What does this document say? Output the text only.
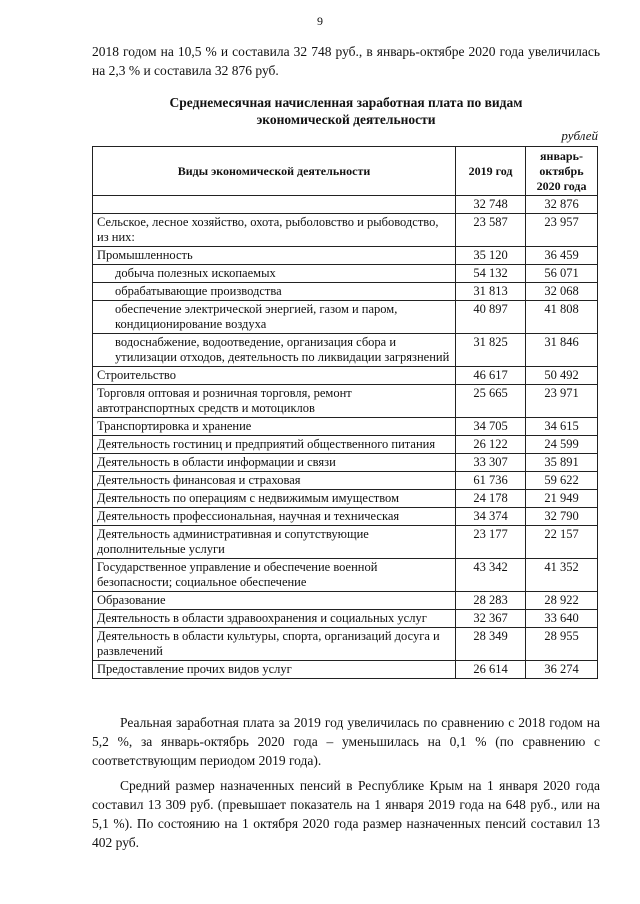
9

2018 годом на 10,5 % и составила 32 748 руб., в январь-октябре 2020 года увеличилась на 2,3 % и составила 32 876 руб.

Среднемесячная начисленная заработная плата по видам
экономической деятельности
рублей
Виды экономической деятельности	2019 год	январь-октябрь 2020 года
	32 748	32 876
Сельское, лесное хозяйство, охота, рыболовство и рыбоводство, из них:	23 587	23 957
Промышленность	35 120	36 459
добыча полезных ископаемых	54 132	56 071
обрабатывающие производства	31 813	32 068
обеспечение электрической энергией, газом и паром, кондиционирование воздуха	40 897	41 808
водоснабжение, водоотведение, организация сбора и утилизации отходов, деятельность по ликвидации загрязнений	31 825	31 846
Строительство	46 617	50 492
Торговля оптовая и розничная торговля, ремонт автотранспортных средств и мотоциклов	25 665	23 971
Транспортировка и хранение	34 705	34 615
Деятельность гостиниц и предприятий общественного питания	26 122	24 599
Деятельность в области информации и связи	33 307	35 891
Деятельность финансовая и страховая	61 736	59 622
Деятельность по операциям с недвижимым имуществом	24 178	21 949
Деятельность профессиональная, научная и техническая	34 374	32 790
Деятельность административная и сопутствующие дополнительные услуги	23 177	22 157
Государственное управление и обеспечение военной безопасности; социальное обеспечение	43 342	41 352
Образование	28 283	28 922
Деятельность в области здравоохранения и социальных услуг	32 367	33 640
Деятельность в области культуры, спорта, организаций досуга и развлечений	28 349	28 955
Предоставление прочих видов услуг	26 614	36 274

Реальная заработная плата за 2019 год увеличилась по сравнению с 2018 годом на 5,2 %, за январь-октябрь 2020 года – уменьшилась на 0,1 % (по сравнению с соответствующим периодом 2019 года).

Средний размер назначенных пенсий в Республике Крым на 1 января 2020 года составил 13 309 руб. (превышает показатель на 1 января 2019 года на 648 руб., или на 5,1 %). По состоянию на 1 октября 2020 года размер назначенных пенсий составил 13 402 руб.
